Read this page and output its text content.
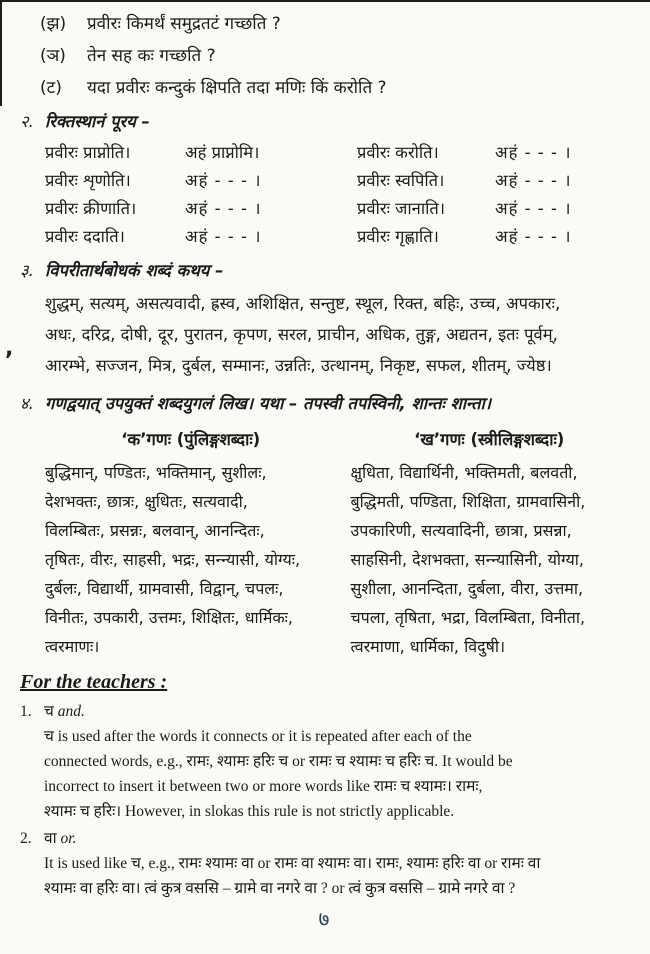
,
(झ)	प्रवीरः किमर्थं समुद्रतटं गच्छति ?
(ञ)	तेन सह कः गच्छति ?
(ट)	यदा प्रवीरः कन्दुकं क्षिपति तदा मणिः किं करोति ?
२. रिक्तस्थानं पूरय –
प्रवीरः प्राप्नोति।	अहं प्राप्नोमि।	प्रवीरः करोति।	अहं - - - ।
प्रवीरः शृणोति।	अहं - - - ।	प्रवीरः स्वपिति।	अहं - - - ।
प्रवीरः क्रीणाति।	अहं - - - ।	प्रवीरः जानाति।	अहं - - - ।
प्रवीरः ददाति।	अहं - - - ।	प्रवीरः गृह्णाति।	अहं - - - ।
३. विपरीतार्थबोधकं शब्दं कथय –
शुद्धम्, सत्यम्, असत्यवादी, ह्रस्व, अशिक्षित, सन्तुष्ट, स्थूल, रिक्त, बहिः, उच्च, अपकारः,
अधः, दरिद्र, दोषी, दूर, पुरातन, कृपण, सरल, प्राचीन, अधिक, तुङ्ग, अद्यतन, इतः पूर्वम्,
आरम्भे, सज्जन, मित्र, दुर्बल, सम्मानः, उन्नतिः, उत्थानम्, निकृष्ट, सफल, शीतम्, ज्येष्ठ।
४. गणद्वयात् उपयुक्तं शब्दयुगलं लिख। यथा – तपस्वी तपस्विनी, शान्तः शान्ता।
‘क’गणः (पुंलिङ्गशब्दाः)
बुद्धिमान्, पण्डितः, भक्तिमान्, सुशीलः,
देशभक्तः, छात्रः, क्षुधितः, सत्यवादी,
विलम्बितः, प्रसन्नः, बलवान्, आनन्दितः,
तृषितः, वीरः, साहसी, भद्रः, सन्न्यासी, योग्यः,
दुर्बलः, विद्यार्थी, ग्रामवासी, विद्वान्, चपलः,
विनीतः, उपकारी, उत्तमः, शिक्षितः, धार्मिकः,
त्वरमाणः।
‘ख’गणः (स्त्रीलिङ्गशब्दाः)
क्षुधिता, विद्यार्थिनी, भक्तिमती, बलवती,
बुद्धिमती, पण्डिता, शिक्षिता, ग्रामवासिनी,
उपकारिणी, सत्यवादिनी, छात्रा, प्रसन्ना,
साहसिनी, देशभक्ता, सन्न्यासिनी, योग्या,
सुशीला, आनन्दिता, दुर्बला, वीरा, उत्तमा,
चपला, तृषिता, भद्रा, विलम्बिता, विनीता,
त्वरमाणा, धार्मिका, विदुषी।
For the teachers :
1. च and.
च is used after the words it connects or it is repeated after each of the
connected words, e.g., रामः, श्यामः हरिः च or रामः च श्यामः च हरिः च. It would be
incorrect to insert it between two or more words like रामः च श्यामः। रामः,
श्यामः च हरिः। However, in slokas this rule is not strictly applicable.
2. वा or.
It is used like च, e.g., रामः श्यामः वा or रामः वा श्यामः वा। रामः, श्यामः हरिः वा or रामः वा
श्यामः वा हरिः वा। त्वं कुत्र वससि – ग्रामे वा नगरे वा ? or त्वं कुत्र वससि – ग्रामे नगरे वा ?
७
